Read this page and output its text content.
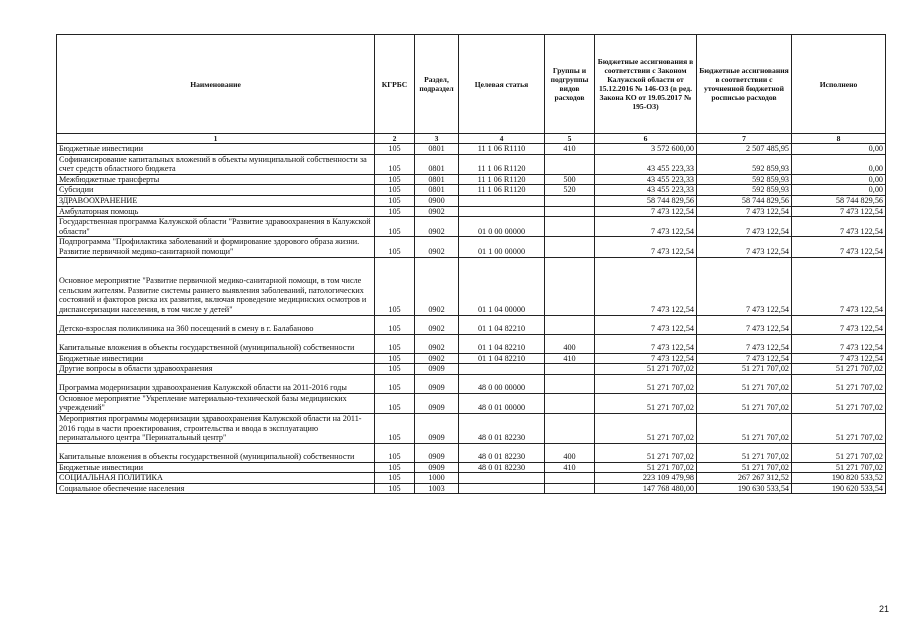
Наименование	КГРБС	Раздел, подраздел	Целевая статья	Группы и подгруппы видов расходов	Бюджетные ассигнования в соответствии с Законом Калужской области от 15.12.2016 № 146-ОЗ (в ред. Закона КО от 19.05.2017 № 195-ОЗ)	Бюджетные ассигнования в соответствии с уточненной бюджетной росписью расходов	Исполнено
1	2	3	4	5	6	7	8
Бюджетные инвестиции	105	0801	11 1 06 R1110	410	3 572 600,00	2 507 485,95	0,00
Софинансирование капитальных вложений в объекты муниципальной собственности за счет средств областного бюджета	105	0801	11 1 06 R1120		43 455 223,33	592 859,93	0,00
Межбюджетные трансферты	105	0801	11 1 06 R1120	500	43 455 223,33	592 859,93	0,00
Субсидии	105	0801	11 1 06 R1120	520	43 455 223,33	592 859,93	0,00
ЗДРАВООХРАНЕНИЕ	105	0900			58 744 829,56	58 744 829,56	58 744 829,56
Амбулаторная помощь	105	0902			7 473 122,54	7 473 122,54	7 473 122,54
Государственная программа Калужской области "Развитие здравоохранения в Калужской области"	105	0902	01 0 00 00000		7 473 122,54	7 473 122,54	7 473 122,54
Подпрограмма "Профилактика заболеваний и формирование здорового образа жизни. Развитие первичной медико-санитарной помощи"	105	0902	01 1 00 00000		7 473 122,54	7 473 122,54	7 473 122,54
Основное мероприятие "Развитие первичной медико-санитарной помощи, в том числе сельским жителям. Развитие системы раннего выявления заболеваний, патологических состояний и факторов риска их развития, включая проведение медицинских осмотров и диспансеризации населения, в том числе у детей"	105	0902	01 1 04 00000		7 473 122,54	7 473 122,54	7 473 122,54
Детско-взрослая поликлиника на 360 посещений в смену в г. Балабаново	105	0902	01 1 04 82210		7 473 122,54	7 473 122,54	7 473 122,54
Капитальные вложения в объекты государственной (муниципальной) собственности	105	0902	01 1 04 82210	400	7 473 122,54	7 473 122,54	7 473 122,54
Бюджетные инвестиции	105	0902	01 1 04 82210	410	7 473 122,54	7 473 122,54	7 473 122,54
Другие вопросы в области здравоохранения	105	0909			51 271 707,02	51 271 707,02	51 271 707,02
Программа модернизации здравоохранения Калужской области на 2011-2016 годы	105	0909	48 0 00 00000		51 271 707,02	51 271 707,02	51 271 707,02
Основное мероприятие "Укрепление материально-технической базы медицинских учреждений"	105	0909	48 0 01 00000		51 271 707,02	51 271 707,02	51 271 707,02
Мероприятия программы модернизации здравоохранения Калужской области на 2011-2016 годы в части проектирования, строительства и ввода в эксплуатацию перинатального центра "Перинатальный центр"	105	0909	48 0 01 82230		51 271 707,02	51 271 707,02	51 271 707,02
Капитальные вложения в объекты государственной (муниципальной) собственности	105	0909	48 0 01 82230	400	51 271 707,02	51 271 707,02	51 271 707,02
Бюджетные инвестиции	105	0909	48 0 01 82230	410	51 271 707,02	51 271 707,02	51 271 707,02
СОЦИАЛЬНАЯ ПОЛИТИКА	105	1000			223 109 479,98	267 267 312,52	190 820 533,52
Социальное обеспечение населения	105	1003			147 768 480,00	190 630 533,54	190 620 533,54
21
